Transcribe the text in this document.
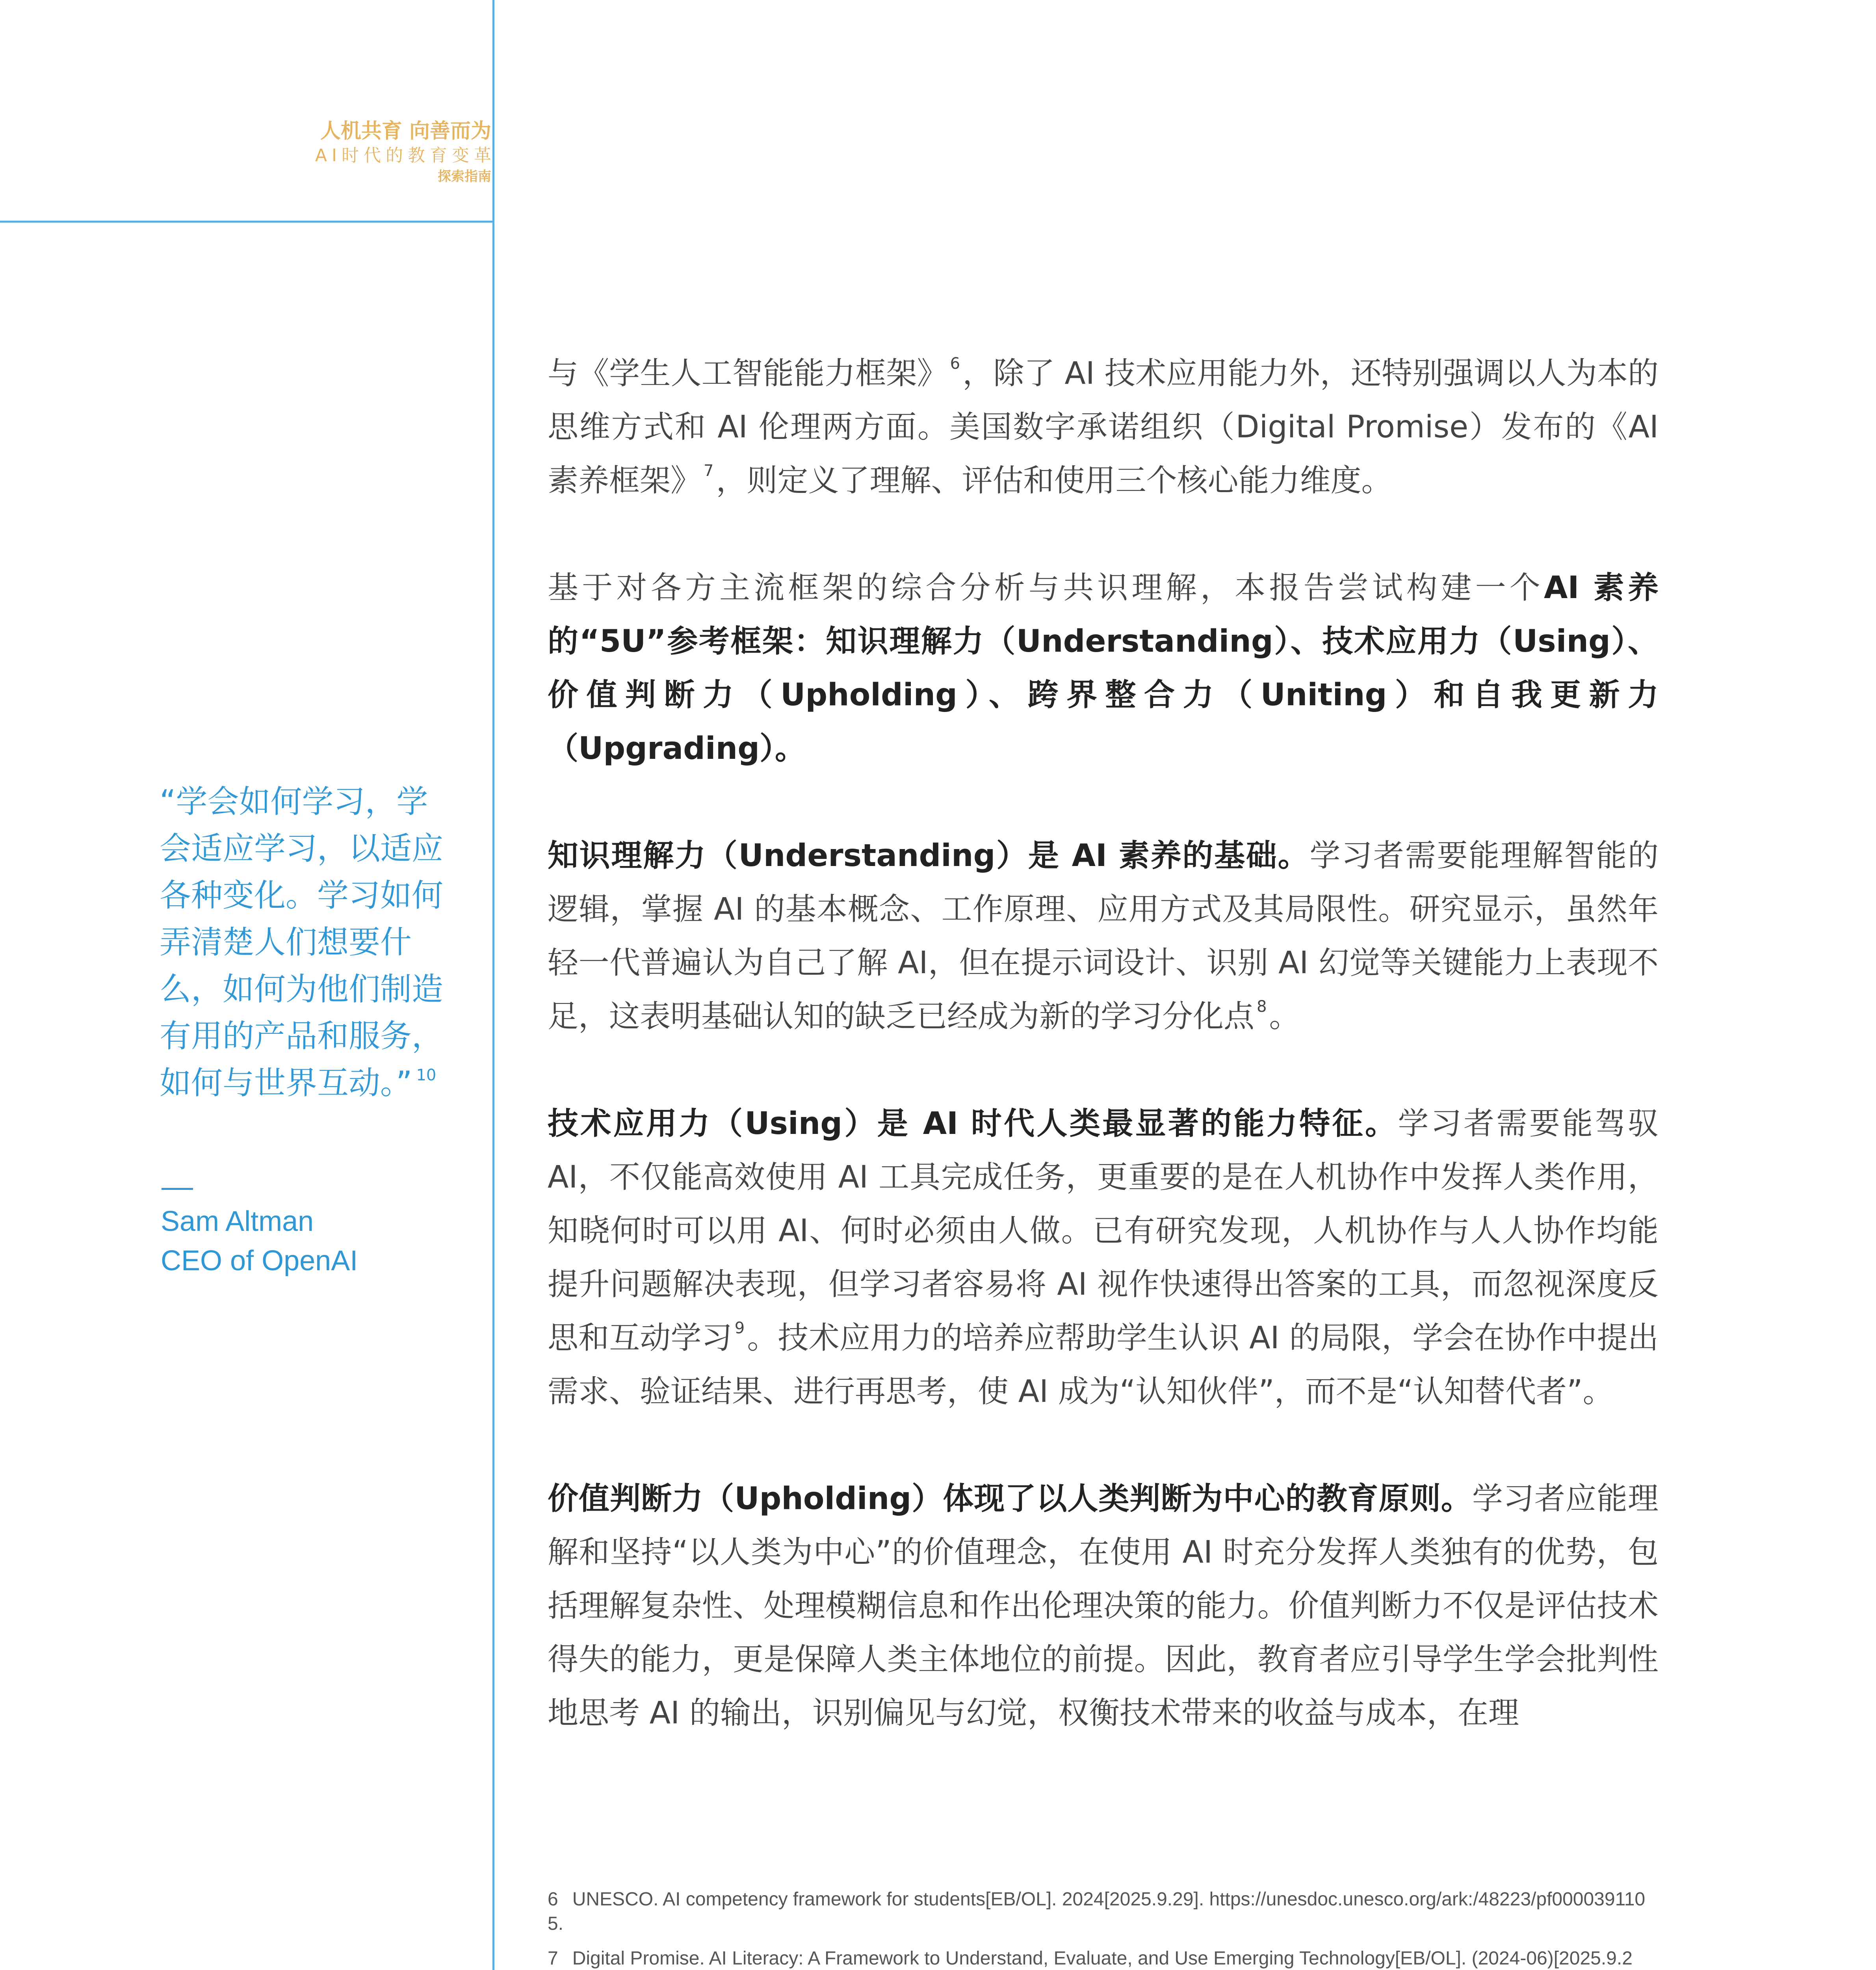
人机共育 向善而为
AI时代的教育变革
探索指南
“学会如何学习，学会适应学习，以适应各种变化。学习如何弄清楚人们想要什么，如何为他们制造有用的产品和服务，如何与世界互动。” $^{10}$
Sam Altman
CEO of OpenAI

与《学生人工智能能力框架》 $^6$，除了 AI 技术应用能力外，还特别强调以人为本的思维方式和 AI 伦理两方面。美国数字承诺组织（Digital Promise）发布的《AI 素养框架》 $^7$，则定义了理解、评估和使用三个核心能力维度。

基于对各方主流框架的综合分析与共识理解，本报告尝试构建一个AI 素养的“5U”参考框架：知识理解力（Understanding）、技术应用力（Using）、价值判断力（Upholding）、跨界整合力（Uniting）和自我更新力（Upgrading）。

知识理解力（Understanding）是 AI 素养的基础。学习者需要能理解智能的逻辑，掌握 AI 的基本概念、工作原理、应用方式及其局限性。研究显示，虽然年轻一代普遍认为自己了解 AI，但在提示词设计、识别 AI 幻觉等关键能力上表现不足，这表明基础认知的缺乏已经成为新的学习分化点 $^8$。

技术应用力（Using）是 AI 时代人类最显著的能力特征。学习者需要能驾驭 AI，不仅能高效使用 AI 工具完成任务，更重要的是在人机协作中发挥人类作用，知晓何时可以用 AI、何时必须由人做。已有研究发现，人机协作与人人协作均能提升问题解决表现，但学习者容易将 AI 视作快速得出答案的工具，而忽视深度反思和互动学习 $^9$。技术应用力的培养应帮助学生认识 AI 的局限，学会在协作中提出需求、验证结果、进行再思考，使 AI 成为“认知伙伴”，而不是“认知替代者”。

价值判断力（Upholding）体现了以人类判断为中心的教育原则。学习者应能理解和坚持“以人类为中心”的价值理念，在使用 AI 时充分发挥人类独有的优势，包括理解复杂性、处理模糊信息和作出伦理决策的能力。价值判断力不仅是评估技术得失的能力，更是保障人类主体地位的前提。因此，教育者应引导学生学会批判性地思考 AI 的输出，识别偏见与幻觉，权衡技术带来的收益与成本，在理

6 UNESCO. AI competency framework for students[EB/OL]. 2024[2025.9.29]. https://unesdoc.unesco.org/ark:/48223/pf0000391105.
7 Digital Promise. AI Literacy: A Framework to Understand, Evaluate, and Use Emerging Technology[EB/OL]. (2024-06)[2025.9.2
